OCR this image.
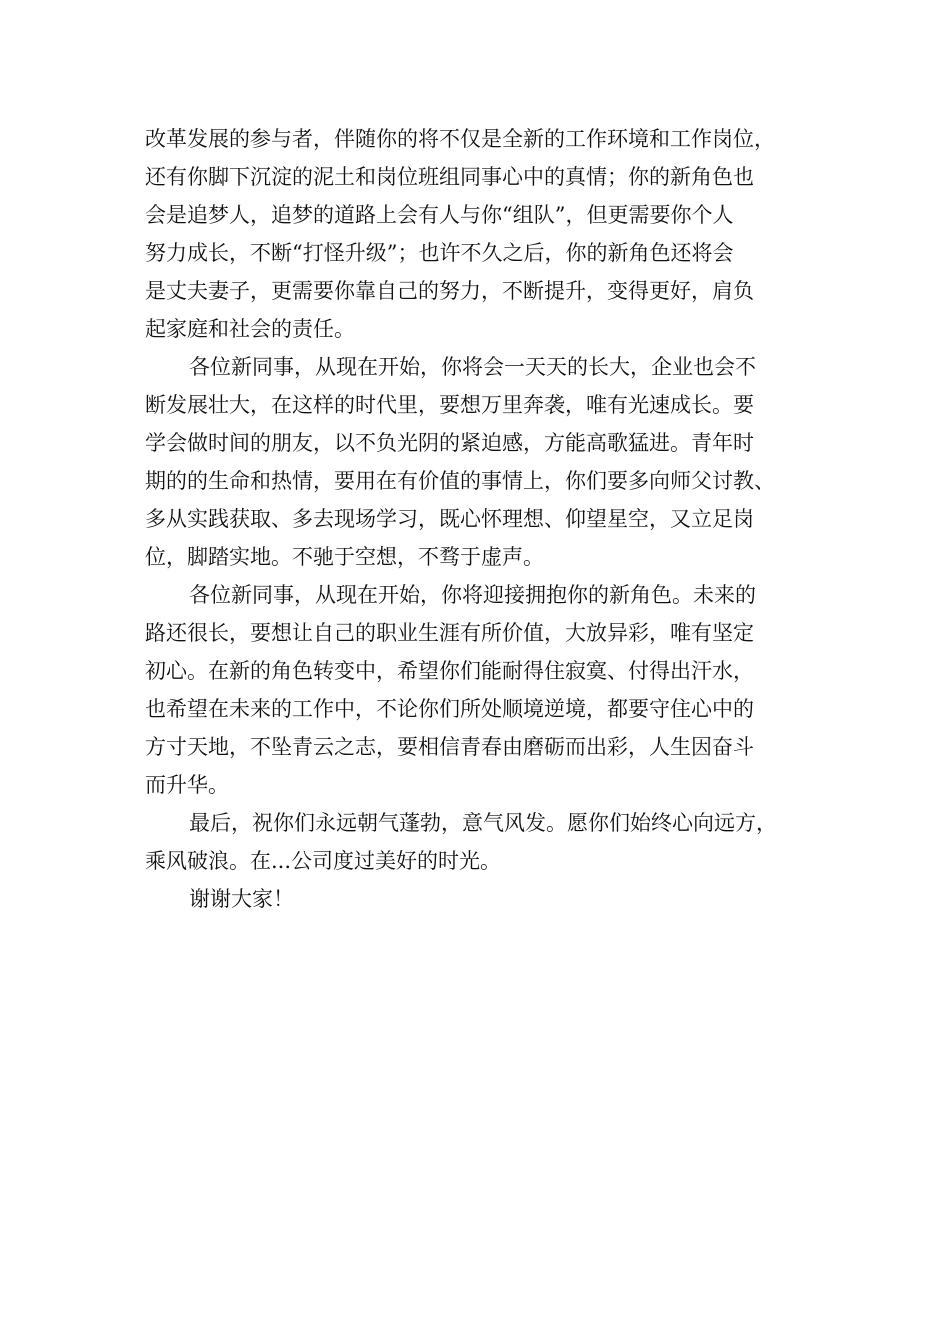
改革发展的参与者，伴随你的将不仅是全新的工作环境和工作岗位，
还有你脚下沉淀的泥土和岗位班组同事心中的真情；你的新角色也
会是追梦人，追梦的道路上会有人与你“组队”，但更需要你个人
努力成长，不断“打怪升级”；也许不久之后，你的新角色还将会
是丈夫妻子，更需要你靠自己的努力，不断提升，变得更好，肩负
起家庭和社会的责任。
各位新同事，从现在开始，你将会一天天的长大，企业也会不
断发展壮大，在这样的时代里，要想万里奔袭，唯有光速成长。要
学会做时间的朋友，以不负光阴的紧迫感，方能高歌猛进。青年时
期的的生命和热情，要用在有价值的事情上，你们要多向师父讨教、
多从实践获取、多去现场学习，既心怀理想、仰望星空，又立足岗
位，脚踏实地。不驰于空想，不骛于虚声。
各位新同事，从现在开始，你将迎接拥抱你的新角色。未来的
路还很长，要想让自己的职业生涯有所价值，大放异彩，唯有坚定
初心。在新的角色转变中，希望你们能耐得住寂寞、付得出汗水，
也希望在未来的工作中，不论你们所处顺境逆境，都要守住心中的
方寸天地，不坠青云之志，要相信青春由磨砺而出彩，人生因奋斗
而升华。
最后，祝你们永远朝气蓬勃，意气风发。愿你们始终心向远方，
乘风破浪。在...公司度过美好的时光。
谢谢大家！
